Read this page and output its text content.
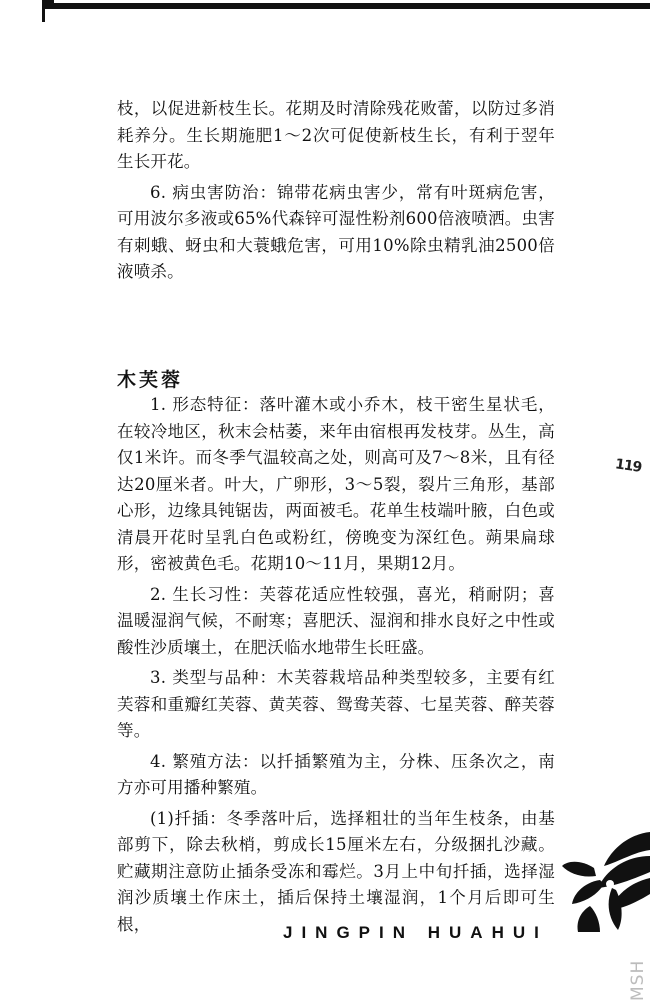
枝，以促进新枝生长。花期及时清除残花败蕾，以防过多消耗养分。生长期施肥1～2次可促使新枝生长，有利于翌年生长开花。

6. 病虫害防治：锦带花病虫害少，常有叶斑病危害，可用波尔多液或65%代森锌可湿性粉剂600倍液喷洒。虫害有刺蛾、蚜虫和大蓑蛾危害，可用10%除虫精乳油2500倍液喷杀。

木芙蓉

1. 形态特征：落叶灌木或小乔木，枝干密生星状毛，在较冷地区，秋末会枯萎，来年由宿根再发枝芽。丛生，高仅1米许。而冬季气温较高之处，则高可及7～8米，且有径达20厘米者。叶大，广卵形，3～5裂，裂片三角形，基部心形，边缘具钝锯齿，两面被毛。花单生枝端叶腋，白色或清晨开花时呈乳白色或粉红，傍晚变为深红色。蒴果扁球形，密被黄色毛。花期10～11月，果期12月。

2. 生长习性：芙蓉花适应性较强，喜光，稍耐阴；喜温暖湿润气候，不耐寒；喜肥沃、湿润和排水良好之中性或酸性沙质壤土，在肥沃临水地带生长旺盛。

3. 类型与品种：木芙蓉栽培品种类型较多，主要有红芙蓉和重瓣红芙蓉、黄芙蓉、鸳鸯芙蓉、七星芙蓉、醉芙蓉等。

4. 繁殖方法：以扦插繁殖为主，分株、压条次之，南方亦可用播种繁殖。

(1)扦插：冬季落叶后，选择粗壮的当年生枝条，由基部剪下，除去秋梢，剪成长15厘米左右，分级捆扎沙藏。贮藏期注意防止插条受冻和霉烂。3月上中旬扦插，选择湿润沙质壤土作床土，插后保持土壤湿润，1个月后即可生根，

119
JINGPIN HUAHUI
MSH
